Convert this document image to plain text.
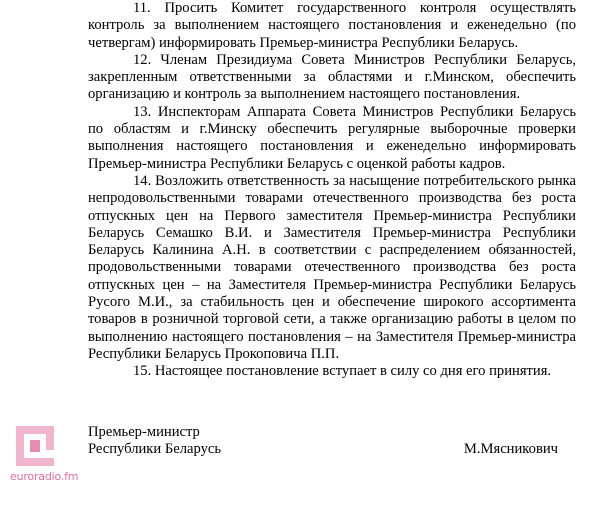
11. Просить Комитет государственного контроля осуществлять контроль за выполнением настоящего постановления и еженедельно (по четвергам) информировать Премьер-министра Республики Беларусь.

12. Членам Президиума Совета Министров Республики Беларусь, закрепленным ответственными за областями и г.Минском, обеспечить организацию и контроль за выполнением настоящего постановления.

13. Инспекторам Аппарата Совета Министров Республики Беларусь по областям и г.Минску обеспечить регулярные выборочные проверки выполнения настоящего постановления и еженедельно информировать Премьер-министра Республики Беларусь с оценкой работы кадров.

14. Возложить ответственность за насыщение потребительского рынка непродовольственными товарами отечественного производства без роста отпускных цен на Первого заместителя Премьер-министра Республики Беларусь Семашко В.И. и Заместителя Премьер-министра Республики Беларусь Калинина А.Н. в соответствии с распределением обязанностей, продовольственными товарами отечественного производства без роста отпускных цен – на Заместителя Премьер-министра Республики Беларусь Русого М.И., за стабильность цен и обеспечение широкого ассортимента товаров в розничной торговой сети, а также организацию работы в целом по выполнению настоящего постановления – на Заместителя Премьер-министра Республики Беларусь Прокоповича П.П.

15. Настоящее постановление вступает в силу со дня его принятия.

Премьер-министр
Республики Беларусь	М.Мясникович
euroradio.fm
